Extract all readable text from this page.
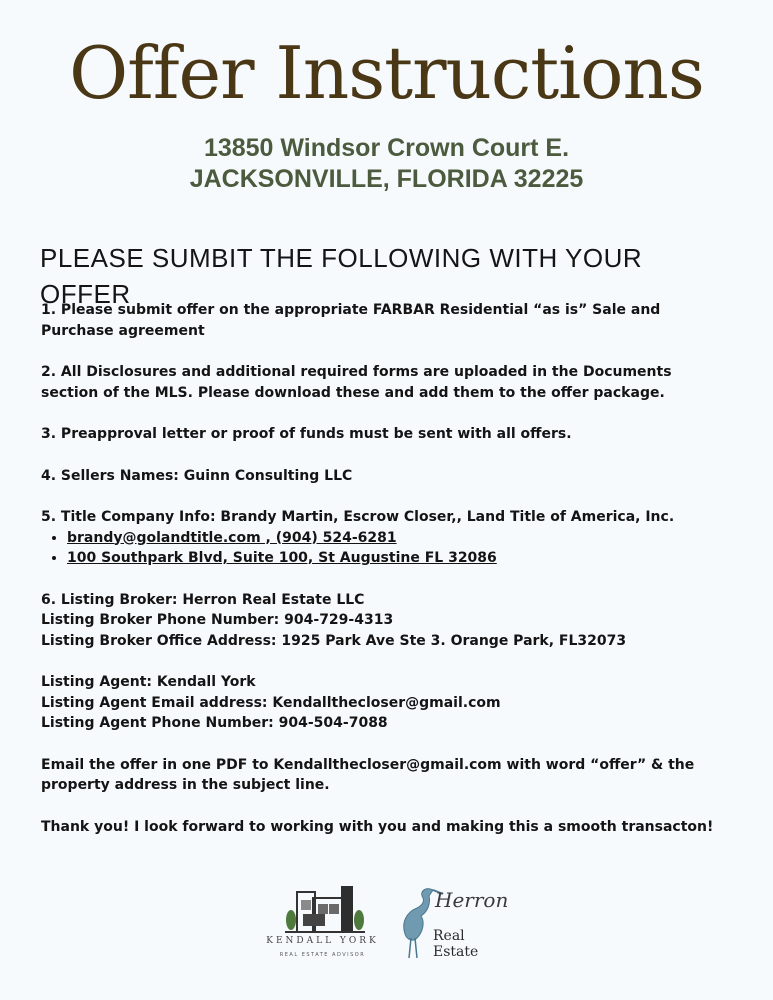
Offer Instructions
13850 Windsor Crown Court E.
JACKSONVILLE, FLORIDA 32225
PLEASE SUMBIT THE FOLLOWING WITH YOUR OFFER

1. Please submit offer on the appropriate FARBAR Residential “as is” Sale and

Purchase agreement

2. All Disclosures and additional required forms are uploaded in the Documents

section of the MLS. Please download these and add them to the offer package.

3. Preapproval letter or proof of funds must be sent with all offers.

4. Sellers Names: Guinn Consulting LLC

5. Title Company Info: Brandy Martin, Escrow Closer,, Land Title of America, Inc.

• brandy@golandtitle.com , (904) 524-6281
• 100 Southpark Blvd, Suite 100, St Augustine FL 32086

6. Listing Broker: Herron Real Estate LLC

Listing Broker Phone Number: 904-729-4313

Listing Broker Office Address: 1925 Park Ave Ste 3. Orange Park, FL32073

Listing Agent: Kendall York

Listing Agent Email address: Kendallthecloser@gmail.com

Listing Agent Phone Number: 904-504-7088

Email the offer in one PDF to Kendallthecloser@gmail.com with word “offer” & the

property address in the subject line.

Thank you! I look forward to working with you and making this a smooth transacton!

KENDALL YORK
REAL ESTATE ADVISOR
Herron
Real Estate
